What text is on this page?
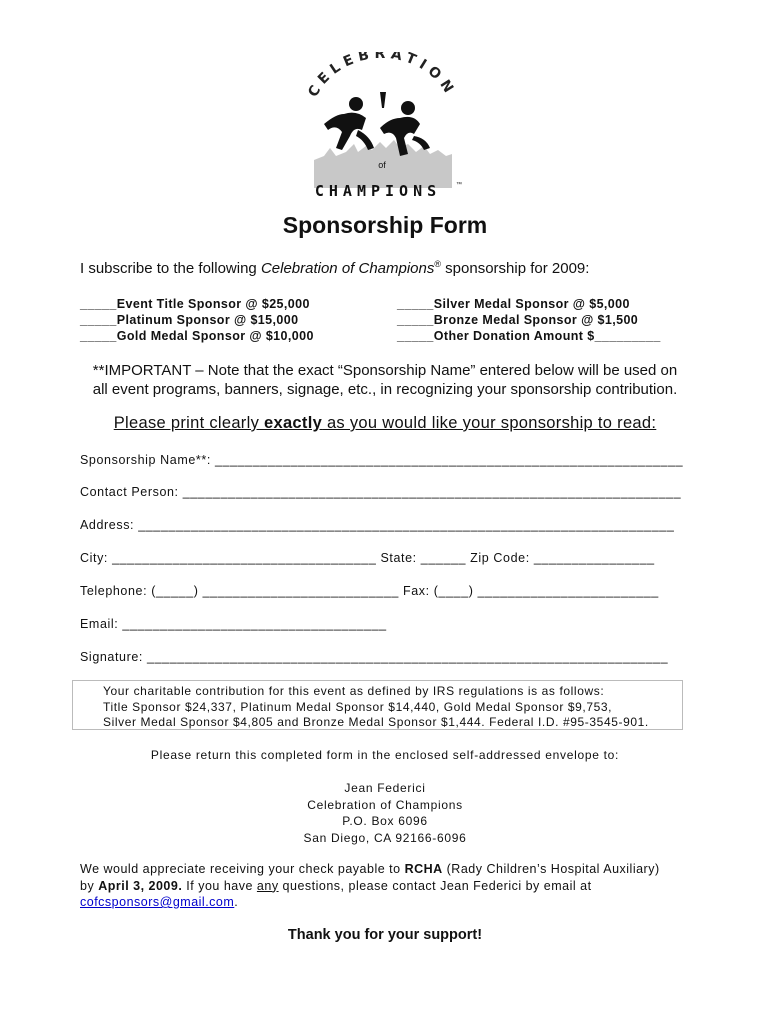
CELEBRATION
of
CHAMPIONS ™
Sponsorship Form
I subscribe to the following Celebration of Champions® sponsorship for 2009:
_____Event Title Sponsor @ $25,000
_____Platinum Sponsor @ $15,000
_____Gold Medal Sponsor @ $10,000
_____Silver Medal Sponsor @ $5,000
_____Bronze Medal Sponsor @ $1,500
_____Other Donation Amount $_________
**IMPORTANT – Note that the exact “Sponsorship Name” entered below will be used on
all event programs, banners, signage, etc., in recognizing your sponsorship contribution.
Please print clearly exactly as you would like your sponsorship to read:
Sponsorship Name**: ______________________________________________________________
Contact Person: __________________________________________________________________
Address: _______________________________________________________________________
City: ___________________________________ State: ______ Zip Code: ________________
Telephone: (_____) __________________________ Fax: (____) ________________________
Email: ___________________________________
Signature: _____________________________________________________________________
Your charitable contribution for this event as defined by IRS regulations is as follows:
Title Sponsor $24,337, Platinum Medal Sponsor $14,440, Gold Medal Sponsor $9,753,
Silver Medal Sponsor $4,805 and Bronze Medal Sponsor $1,444. Federal I.D. #95-3545-901.
Please return this completed form in the enclosed self-addressed envelope to:
Jean Federici
Celebration of Champions
P.O. Box 6096
San Diego, CA 92166-6096
We would appreciate receiving your check payable to RCHA (Rady Children’s Hospital Auxiliary)
by April 3, 2009. If you have any questions, please contact Jean Federici by email at
cofcsponsors@gmail.com.
Thank you for your support!
